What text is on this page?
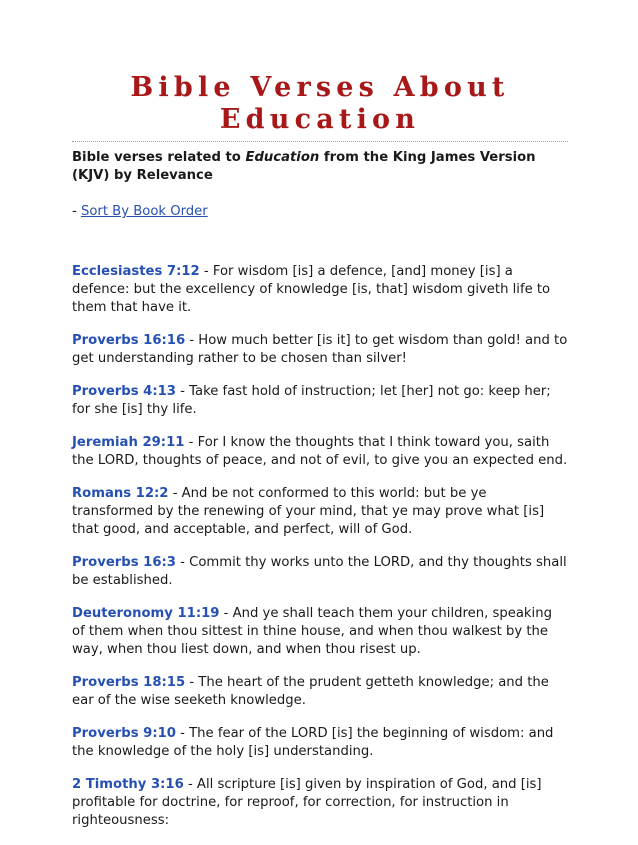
Bible Verses About
Education

Bible verses related to Education from the King James Version (KJV) by Relevance

- Sort By Book Order

Ecclesiastes 7:12 - For wisdom [is] a defence, [and] money [is] a defence: but the excellency of knowledge [is, that] wisdom giveth life to them that have it.

Proverbs 16:16 - How much better [is it] to get wisdom than gold! and to get understanding rather to be chosen than silver!

Proverbs 4:13 - Take fast hold of instruction; let [her] not go: keep her; for she [is] thy life.

Jeremiah 29:11 - For I know the thoughts that I think toward you, saith the LORD, thoughts of peace, and not of evil, to give you an expected end.

Romans 12:2 - And be not conformed to this world: but be ye transformed by the renewing of your mind, that ye may prove what [is] that good, and acceptable, and perfect, will of God.

Proverbs 16:3 - Commit thy works unto the LORD, and thy thoughts shall be established.

Deuteronomy 11:19 - And ye shall teach them your children, speaking of them when thou sittest in thine house, and when thou walkest by the way, when thou liest down, and when thou risest up.

Proverbs 18:15 - The heart of the prudent getteth knowledge; and the ear of the wise seeketh knowledge.

Proverbs 9:10 - The fear of the LORD [is] the beginning of wisdom: and the knowledge of the holy [is] understanding.

2 Timothy 3:16 - All scripture [is] given by inspiration of God, and [is] profitable for doctrine, for reproof, for correction, for instruction in righteousness:
